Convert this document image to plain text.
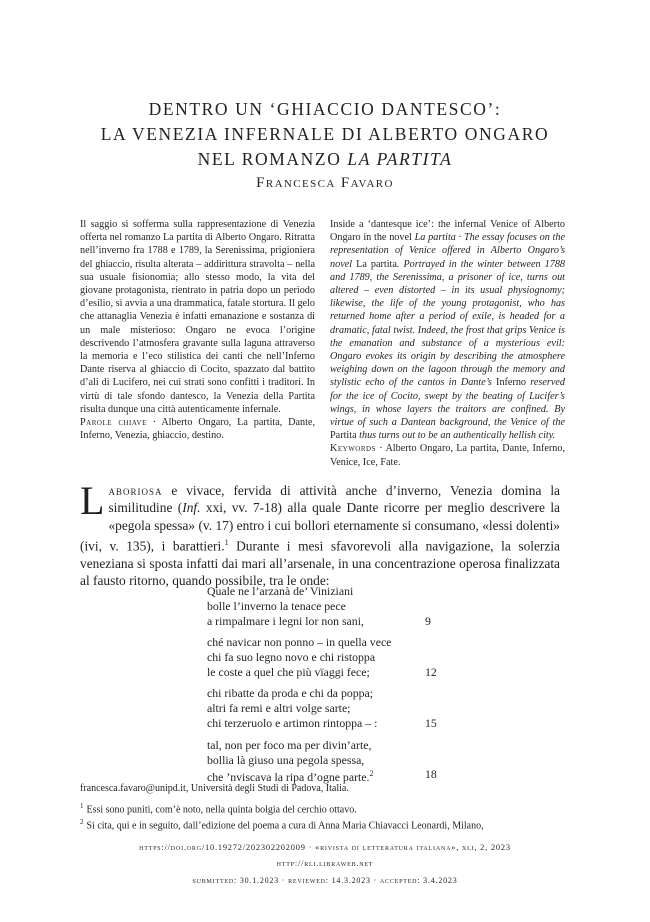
DENTRO UN ‘GHIACCIO DANTESCO’:
LA VENEZIA INFERNALE DI ALBERTO ONGARO
NEL ROMANZO LA PARTITA
Francesca Favaro

Il saggio si sofferma sulla rappresentazione di Venezia offerta nel romanzo La partita di Alberto Ongaro. Ritratta nell’inverno fra 1788 e 1789, la Serenissima, prigioniera del ghiaccio, risulta alterata – addirittura stravolta – nella sua usuale fisionomia; allo stesso modo, la vita del giovane protagonista, rientrato in patria dopo un periodo d’esilio, si avvia a una drammatica, fatale stortura. Il gelo che attanaglia Venezia è infatti emanazione e sostanza di un male misterioso: Ongaro ne evoca l’origine descrivendo l’atmosfera gravante sulla laguna attraverso la memoria e l’eco stilistica dei canti che nell’Inferno Dante riserva al ghiaccio di Cocito, spazzato dal battito d’ali di Lucifero, nei cui strati sono confitti i traditori. In virtù di tale sfondo dantesco, la Venezia della Partita risulta dunque una città autenticamente infernale.

Parole chiave · Alberto Ongaro, La partita, Dante, Inferno, Venezia, ghiaccio, destino.

Inside a ‘dantesque ice’: the infernal Venice of Alberto Ongaro in the novel La partita · The essay focuses on the representation of Venice offered in Alberto Ongaro’s novel La partita. Portrayed in the winter between 1788 and 1789, the Serenissima, a prisoner of ice, turns out altered – even distorted – in its usual physiognomy; likewise, the life of the young protagonist, who has returned home after a period of exile, is headed for a dramatic, fatal twist. Indeed, the frost that grips Venice is the emanation and substance of a mysterious evil: Ongaro evokes its origin by describing the atmosphere weighing down on the lagoon through the memory and stylistic echo of the cantos in Dante’s Inferno reserved for the ice of Cocito, swept by the beating of Lucifer’s wings, in whose layers the traitors are confined. By virtue of such a Dantean background, the Venice of the Partita thus turns out to be an authentically hellish city.

Keywords · Alberto Ongaro, La partita, Dante, Inferno, Venice, Ice, Fate.

Laboriosa e vivace, fervida di attività anche d’inverno, Venezia domina la similitudine (Inf. xxi, vv. 7-18) alla quale Dante ricorre per meglio descrivere la «pegola spessa» (v. 17) entro i cui bollori eternamente si consumano, «lessi dolenti» (ivi, v. 135), i barattieri.$^1$ Durante i mesi sfavorevoli alla navigazione, la solerzia veneziana si sposta infatti dai mari all’arsenale, in una concentrazione operosa finalizzata al fausto ritorno, quando possibile, tra le onde:

Quale ne l’arzanà de’ Viniziani
bolle l’inverno la tenace pece
a rimpalmare i legni lor non sani,	9
ché navicar non ponno – in quella vece
chi fa suo legno novo e chi ristoppa
le coste a quel che più vïaggi fece;	12
chi ribatte da proda e chi da poppa;
altri fa remi e altri volge sarte;
chi terzeruolo e artimon rintoppa – :	15
tal, non per foco ma per divin’arte,
bollia là giuso una pegola spessa,
che ’nviscava la ripa d’ogne parte.$^2$	18

francesca.favaro@unipd.it, Università degli Studi di Padova, Italia.

$^1$ Essi sono puniti, com’è noto, nella quinta bolgia del cerchio ottavo.

$^2$ Si cita, qui e in seguito, dall’edizione del poema a cura di Anna Maria Chiavacci Leonardi, Milano,

https://doi.org/10.19272/202302202009 · «rivista di letteratura italiana», xli, 2, 2023
http://rli.libraweb.net
submitted: 30.1.2023 · reviewed: 14.3.2023 · accepted: 3.4.2023
